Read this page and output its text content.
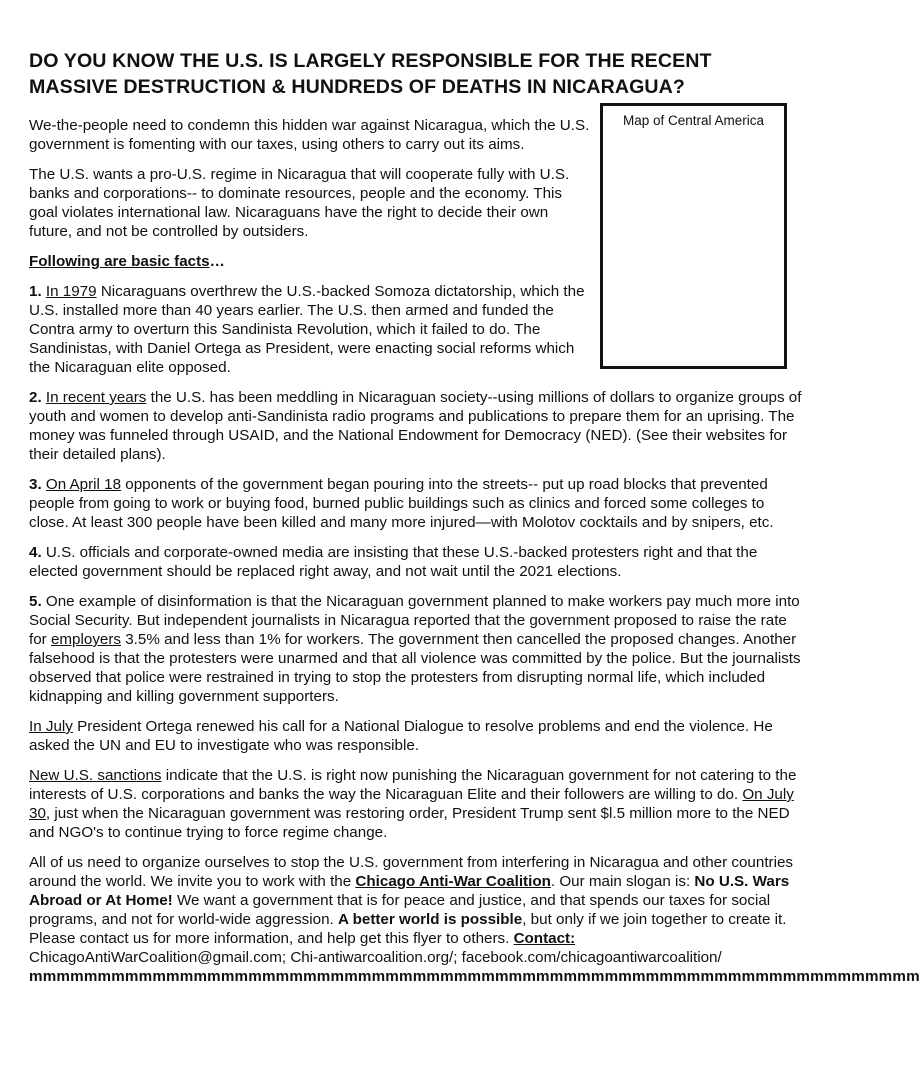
DO YOU KNOW THE U.S. IS LARGELY RESPONSIBLE FOR THE RECENT
MASSIVE DESTRUCTION & HUNDREDS OF DEATHS IN NICARAGUA?
Map of Central America

We-the-people need to condemn this hidden war against Nicaragua, which the U.S. government is fomenting with our taxes, using others to carry out its aims.

The U.S. wants a pro-U.S. regime in Nicaragua that will cooperate fully with U.S. banks and corporations-- to dominate resources, people and the economy. This goal violates international law. Nicaraguans have the right to decide their own future, and not be controlled by outsiders.

Following are basic facts…

1. In 1979 Nicaraguans overthrew the U.S.-backed Somoza dictatorship, which the U.S. installed more than 40 years earlier. The U.S. then armed and funded the Contra army to overturn this Sandinista Revolution, which it failed to do. The Sandinistas, with Daniel Ortega as President, were enacting social reforms which the Nicaraguan elite opposed.

2. In recent years the U.S. has been meddling in Nicaraguan society--using millions of dollars to organize groups of youth and women to develop anti-Sandinista radio programs and publications to prepare them for an uprising. The money was funneled through USAID, and the National Endowment for Democracy (NED). (See their websites for their detailed plans).

3. On April 18 opponents of the government began pouring into the streets-- put up road blocks that prevented people from going to work or buying food, burned public buildings such as clinics and forced some colleges to close. At least 300 people have been killed and many more injured—with Molotov cocktails and by snipers, etc.

4. U.S. officials and corporate-owned media are insisting that these U.S.-backed protesters right and that the elected government should be replaced right away, and not wait until the 2021 elections.

5. One example of disinformation is that the Nicaraguan government planned to make workers pay much more into Social Security. But independent journalists in Nicaragua reported that the government proposed to raise the rate for employers 3.5% and less than 1% for workers. The government then cancelled the proposed changes. Another falsehood is that the protesters were unarmed and that all violence was committed by the police. But the journalists observed that police were restrained in trying to stop the protesters from disrupting normal life, which included kidnapping and killing government supporters.

In July President Ortega renewed his call for a National Dialogue to resolve problems and end the violence. He asked the UN and EU to investigate who was responsible.

New U.S. sanctions indicate that the U.S. is right now punishing the Nicaraguan government for not catering to the interests of U.S. corporations and banks the way the Nicaraguan Elite and their followers are willing to do. On July 30, just when the Nicaraguan government was restoring order, President Trump sent $l.5 million more to the NED and NGO's to continue trying to force regime change.

All of us need to organize ourselves to stop the U.S. government from interfering in Nicaragua and other countries around the world. We invite you to work with the Chicago Anti-War Coalition. Our main slogan is: No U.S. Wars Abroad or At Home! We want a government that is for peace and justice, and that spends our taxes for social programs, and not for world-wide aggression. A better world is possible, but only if we join together to create it. Please contact us for more information, and help get this flyer to others. Contact: ChicagoAntiWarCoalition@gmail.com; Chi-antiwarcoalition.org/; facebook.com/chicagoantiwarcoalition/

mmmmmmmmmmmmmmmmmmmmmmmmmmmmmmmmmmmmmmmmmmmmmmmmmmmmmmmmmmmmmmmmm
